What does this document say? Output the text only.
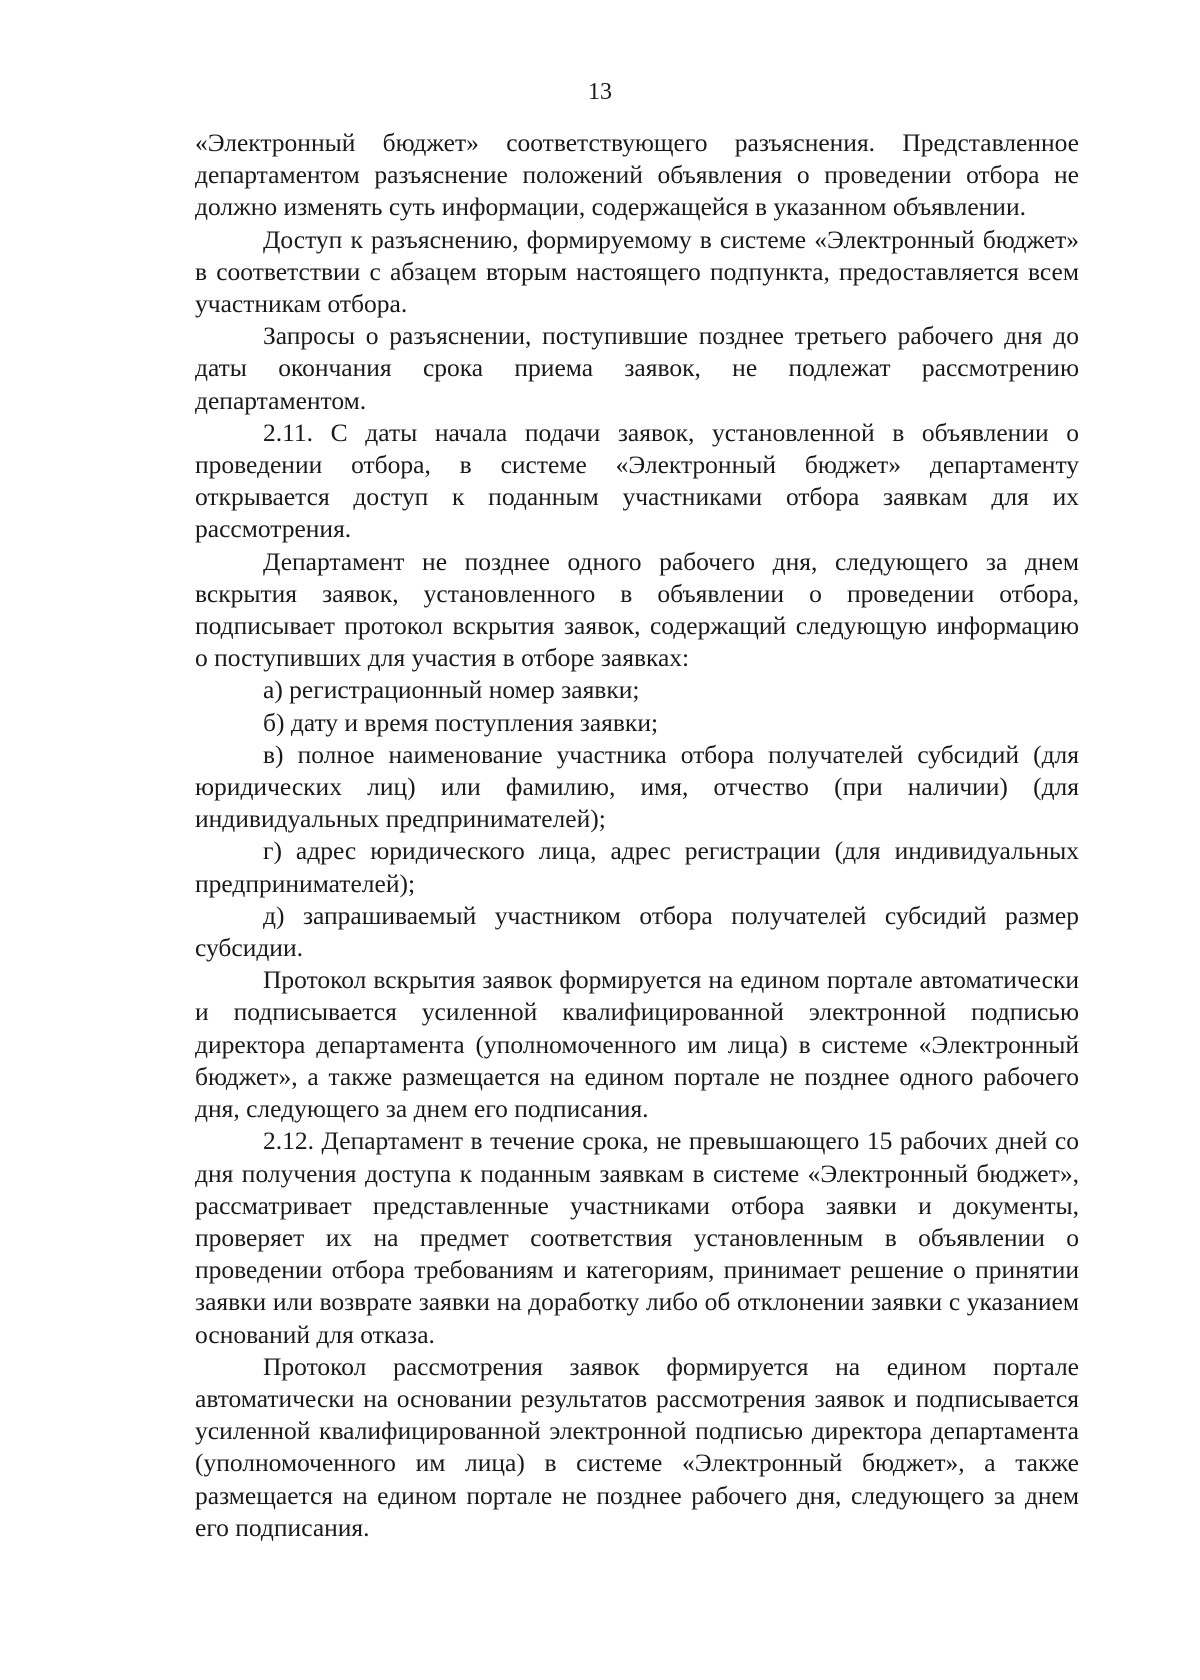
13

«Электронный бюджет» соответствующего разъяснения. Представленное департаментом разъяснение положений объявления о проведении отбора не должно изменять суть информации, содержащейся в указанном объявлении.

Доступ к разъяснению, формируемому в системе «Электронный бюджет» в соответствии с абзацем вторым настоящего подпункта, предоставляется всем участникам отбора.

Запросы о разъяснении, поступившие позднее третьего рабочего дня до даты окончания срока приема заявок, не подлежат рассмотрению департаментом.

2.11. С даты начала подачи заявок, установленной в объявлении о проведении отбора, в системе «Электронный бюджет» департаменту открывается доступ к поданным участниками отбора заявкам для их рассмотрения.

Департамент не позднее одного рабочего дня, следующего за днем вскрытия заявок, установленного в объявлении о проведении отбора, подписывает протокол вскрытия заявок, содержащий следующую информацию о поступивших для участия в отборе заявках:

а) регистрационный номер заявки;

б) дату и время поступления заявки;

в) полное наименование участника отбора получателей субсидий (для юридических лиц) или фамилию, имя, отчество (при наличии) (для индивидуальных предпринимателей);

г) адрес юридического лица, адрес регистрации (для индивидуальных предпринимателей);

д) запрашиваемый участником отбора получателей субсидий размер субсидии.

Протокол вскрытия заявок формируется на едином портале автоматически и подписывается усиленной квалифицированной электронной подписью директора департамента (уполномоченного им лица) в системе «Электронный бюджет», а также размещается на едином портале не позднее одного рабочего дня, следующего за днем его подписания.

2.12. Департамент в течение срока, не превышающего 15 рабочих дней со дня получения доступа к поданным заявкам в системе «Электронный бюджет», рассматривает представленные участниками отбора заявки и документы, проверяет их на предмет соответствия установленным в объявлении о проведении отбора требованиям и категориям, принимает решение о принятии заявки или возврате заявки на доработку либо об отклонении заявки с указанием оснований для отказа.

Протокол рассмотрения заявок формируется на едином портале автоматически на основании результатов рассмотрения заявок и подписывается усиленной квалифицированной электронной подписью директора департамента (уполномоченного им лица) в системе «Электронный бюджет», а также размещается на едином портале не позднее рабочего дня, следующего за днем его подписания.
